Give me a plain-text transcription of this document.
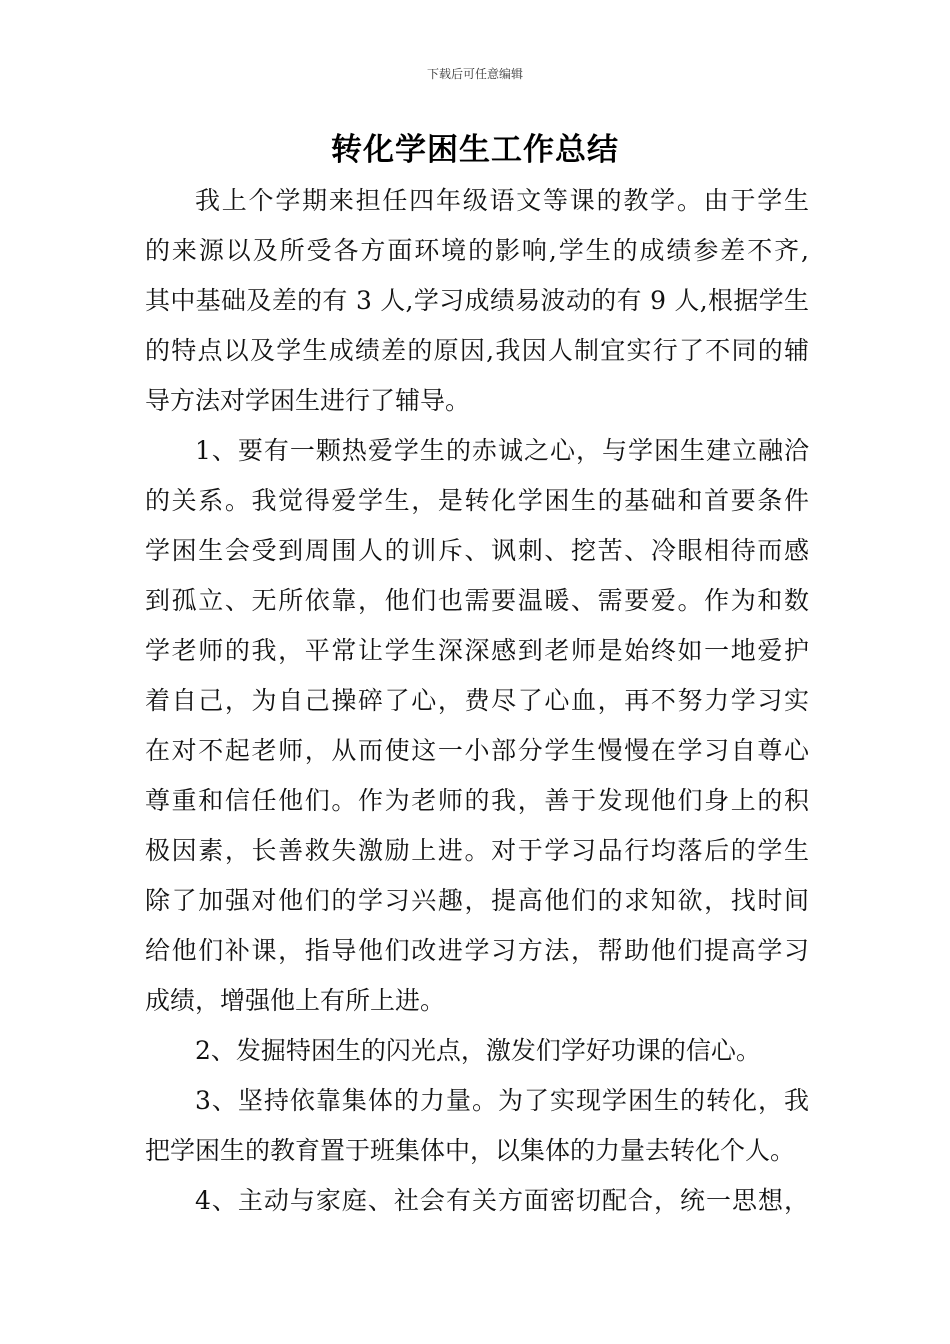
下载后可任意编辑
转化学困生工作总结
我上个学期来担任四年级语文等课的教学。由于学生
的来源以及所受各方面环境的影响,学生的成绩参差不齐,
其中基础及差的有 3 人,学习成绩易波动的有 9 人,根据学生
的特点以及学生成绩差的原因,我因人制宜实行了不同的辅
导方法对学困生进行了辅导。
1、要有一颗热爱学生的赤诚之心，与学困生建立融洽
的关系。我觉得爱学生，是转化学困生的基础和首要条件
学困生会受到周围人的训斥、讽刺、挖苦、冷眼相待而感
到孤立、无所依靠，他们也需要温暖、需要爱。作为和数
学老师的我，平常让学生深深感到老师是始终如一地爱护
着自己，为自己操碎了心，费尽了心血，再不努力学习实
在对不起老师，从而使这一小部分学生慢慢在学习自尊心
尊重和信任他们。作为老师的我，善于发现他们身上的积
极因素，长善救失激励上进。对于学习品行均落后的学生
除了加强对他们的学习兴趣，提高他们的求知欲，找时间
给他们补课，指导他们改进学习方法，帮助他们提高学习
成绩，增强他上有所上进。
2、发掘特困生的闪光点，激发们学好功课的信心。
3、坚持依靠集体的力量。为了实现学困生的转化，我
把学困生的教育置于班集体中，以集体的力量去转化个人。
4、主动与家庭、社会有关方面密切配合，统一思想，
